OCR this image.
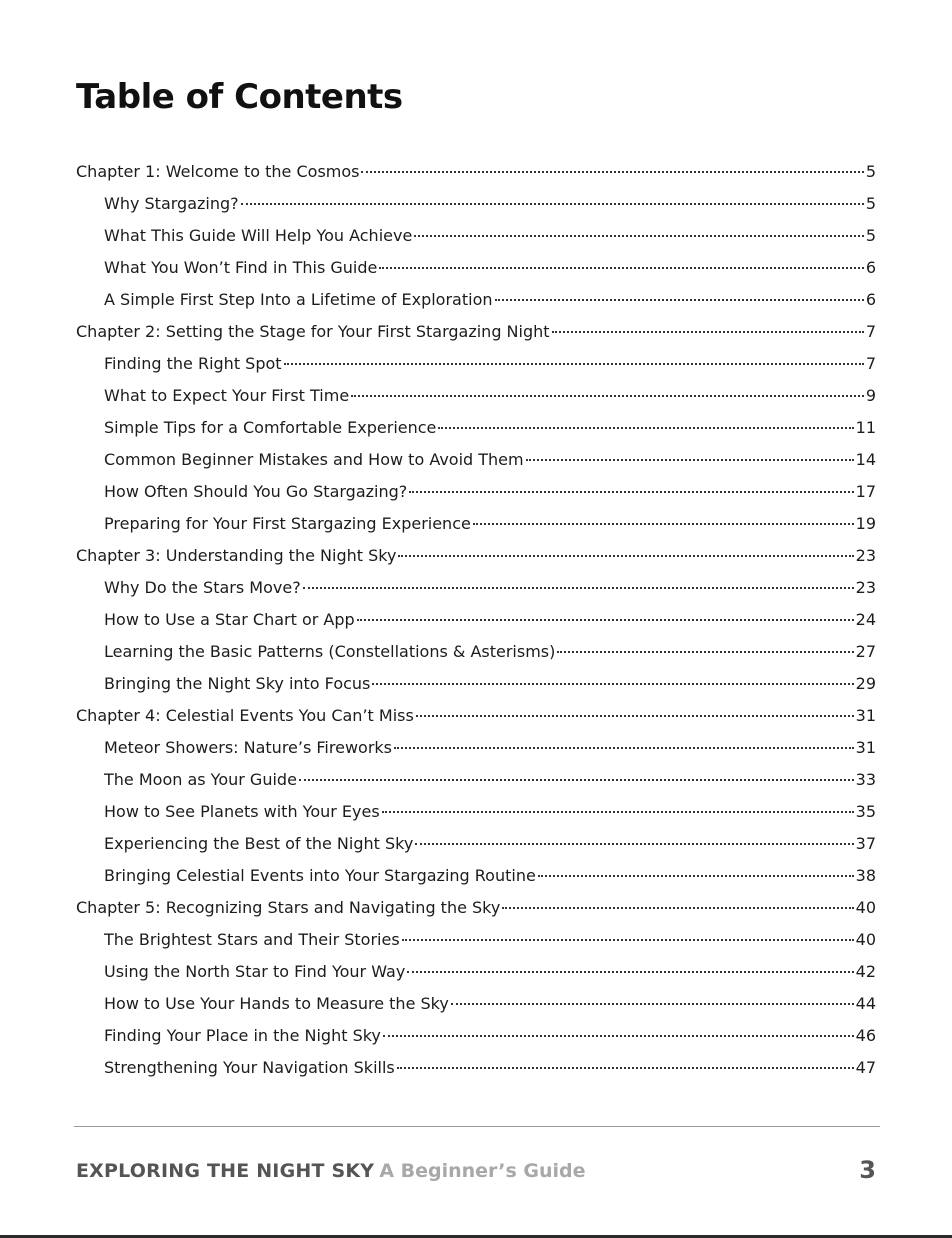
Table of Contents
Chapter 1: Welcome to the Cosmos	5
Why Stargazing?	5
What This Guide Will Help You Achieve	5
What You Won’t Find in This Guide	6
A Simple First Step Into a Lifetime of Exploration	6
Chapter 2: Setting the Stage for Your First Stargazing Night	7
Finding the Right Spot	7
What to Expect Your First Time	9
Simple Tips for a Comfortable Experience	11
Common Beginner Mistakes and How to Avoid Them	14
How Often Should You Go Stargazing?	17
Preparing for Your First Stargazing Experience	19
Chapter 3: Understanding the Night Sky	23
Why Do the Stars Move?	23
How to Use a Star Chart or App	24
Learning the Basic Patterns (Constellations & Asterisms)	27
Bringing the Night Sky into Focus	29
Chapter 4: Celestial Events You Can’t Miss	31
Meteor Showers: Nature’s Fireworks	31
The Moon as Your Guide	33
How to See Planets with Your Eyes	35
Experiencing the Best of the Night Sky	37
Bringing Celestial Events into Your Stargazing Routine	38
Chapter 5: Recognizing Stars and Navigating the Sky	40
The Brightest Stars and Their Stories	40
Using the North Star to Find Your Way	42
How to Use Your Hands to Measure the Sky	44
Finding Your Place in the Night Sky	46
Strengthening Your Navigation Skills	47
EXPLORING THE NIGHT SKY A Beginner’s Guide	3
